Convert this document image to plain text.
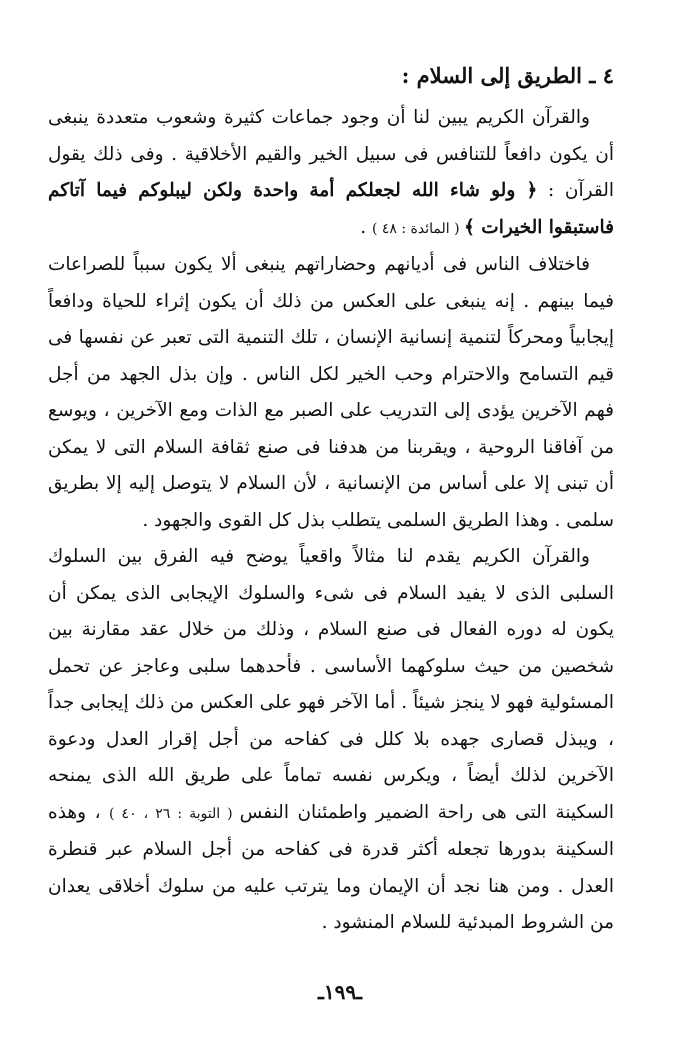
٤ ـ الطريق إلى السلام :

والقرآن الكريم يبين لنا أن وجود جماعات كثيرة وشعوب متعددة ينبغى أن يكون دافعاً للتنافس فى سبيل الخير والقيم الأخلاقية . وفى ذلك يقول القرآن : ﴿ ولو شاء الله لجعلكم أمة واحدة ولكن ليبلوكم فيما آتاكم فاستبقوا الخيرات ﴾ ( المائدة : ٤٨ ) .

فاختلاف الناس فى أديانهم وحضاراتهم ينبغى ألا يكون سبباً للصراعات فيما بينهم . إنه ينبغى على العكس من ذلك أن يكون إثراء للحياة ودافعاً إيجابياً ومحركاً لتنمية إنسانية الإنسان ، تلك التنمية التى تعبر عن نفسها فى قيم التسامح والاحترام وحب الخير لكل الناس . وإن بذل الجهد من أجل فهم الآخرين يؤدى إلى التدريب على الصبر مع الذات ومع الآخرين ، ويوسع من آفاقنا الروحية ، ويقربنا من هدفنا فى صنع ثقافة السلام التى لا يمكن أن تبنى إلا على أساس من الإنسانية ، لأن السلام لا يتوصل إليه إلا بطريق سلمى . وهذا الطريق السلمى يتطلب بذل كل القوى والجهود .

والقرآن الكريم يقدم لنا مثالاً واقعياً يوضح فيه الفرق بين السلوك السلبى الذى لا يفيد السلام فى شىء والسلوك الإيجابى الذى يمكن أن يكون له دوره الفعال فى صنع السلام ، وذلك من خلال عقد مقارنة بين شخصين من حيث سلوكهما الأساسى . فأحدهما سلبى وعاجز عن تحمل المسئولية فهو لا ينجز شيئاً . أما الآخر فهو على العكس من ذلك إيجابى جداً ، ويبذل قصارى جهده بلا كلل فى كفاحه من أجل إقرار العدل ودعوة الآخرين لذلك أيضاً ، ويكرس نفسه تماماً على طريق الله الذى يمنحه السكينة التى هى راحة الضمير واطمئنان النفس ( التوبة : ٢٦ ، ٤٠ ) ، وهذه السكينة بدورها تجعله أكثر قدرة فى كفاحه من أجل السلام عبر قنطرة العدل . ومن هنا نجد أن الإيمان وما يترتب عليه من سلوك أخلاقى يعدان من الشروط المبدئية للسلام المنشود .

ـ١٩٩ـ
